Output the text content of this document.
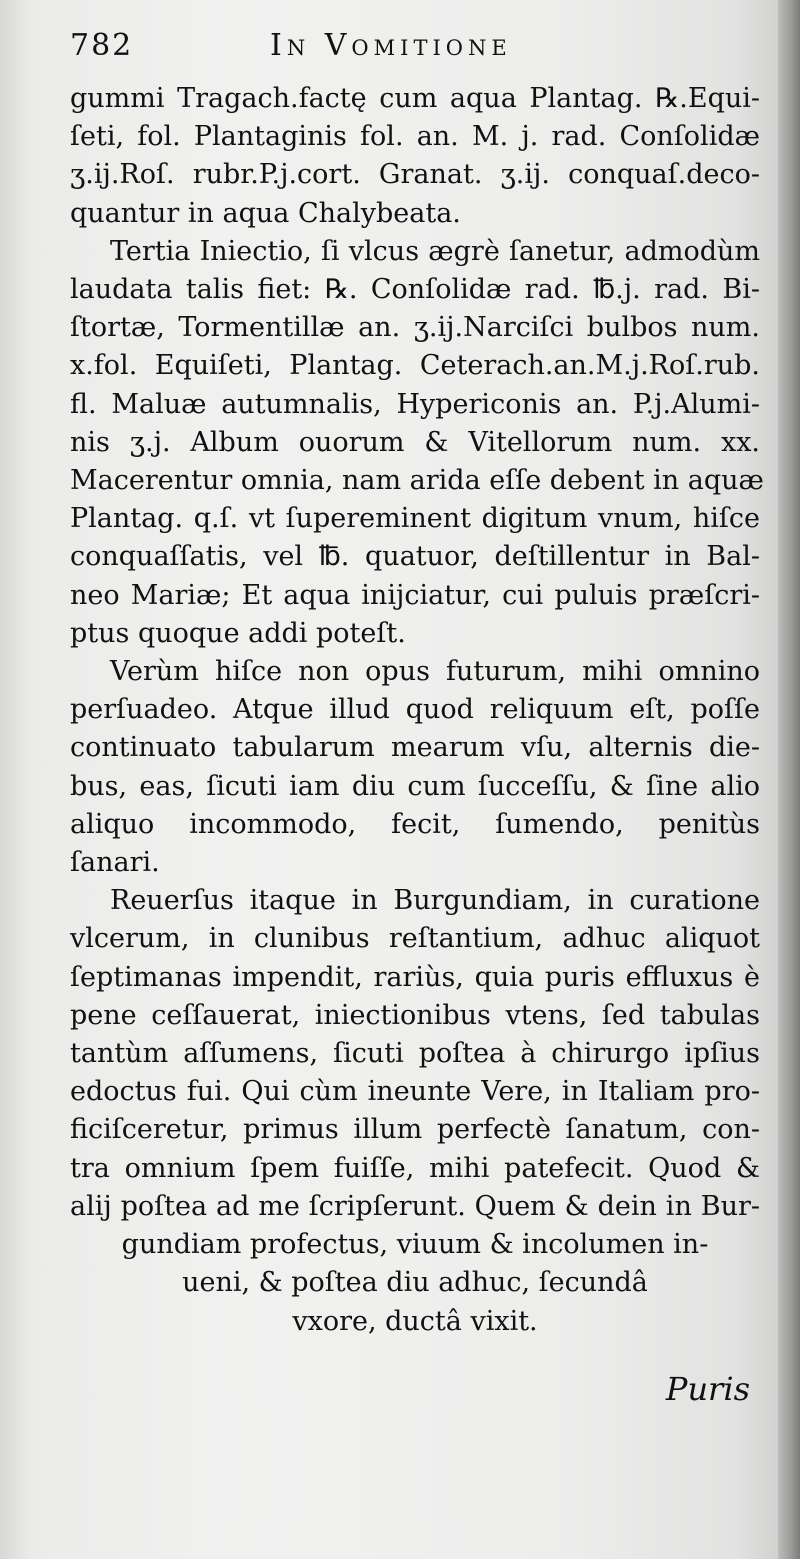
782	In Vomitione
gummi Tragach.factę cum aqua Plantag. ℞.Equi-
ſeti, fol. Plantaginis fol. an. M. j. rad. Conſolidæ
ʒ.ij.Roſ. rubr.P.j.cort. Granat. ʒ.ij. conquaſ.deco-
quantur in aqua Chalybeata.
Tertia Iniectio, ſi vlcus ægrè ſanetur, admodùm
laudata talis fiet: ℞. Conſolidæ rad. ℔.j. rad. Bi-
ſtortæ, Tormentillæ an. ʒ.ij.Narciſci bulbos num.
x.fol. Equiſeti, Plantag. Ceterach.an.M.j.Roſ.rub.
fl. Maluæ autumnalis, Hypericonis an. P.j.Alumi-
nis ʒ.j. Album ouorum & Vitellorum num. xx.
Macerentur omnia, nam arida eſſe debent in aquæ
Plantag. q.ſ. vt ſupereminent digitum vnum, hiſce
conquaſſatis, vel ℔. quatuor, deſtillentur in Bal-
neo Mariæ; Et aqua inijciatur, cui puluis præſcri-
ptus quoque addi poteſt.
Verùm hiſce non opus futurum, mihi omnino
perſuadeo. Atque illud quod reliquum eſt, poſſe
continuato tabularum mearum vſu, alternis die-
bus, eas, ſicuti iam diu cum ſucceſſu, & ſine alio
aliquo incommodo, fecit, ſumendo, penitùs
ſanari.
Reuerſus itaque in Burgundiam, in curatione
vlcerum, in clunibus reſtantium, adhuc aliquot
ſeptimanas impendit, rariùs, quia puris effluxus è
pene ceſſauerat, iniectionibus vtens, ſed tabulas
tantùm aſſumens, ſicuti poſtea à chirurgo ipſius
edoctus fui. Qui cùm ineunte Vere, in Italiam pro-
ficiſceretur, primus illum perfectè ſanatum, con-
tra omnium ſpem fuiſſe, mihi patefecit. Quod &
alij poſtea ad me ſcripſerunt. Quem & dein in Bur-
gundiam profectus, viuum & incolumen in-
ueni, & poſtea diu adhuc, ſecundâ
vxore, ductâ vixit.
Puris
